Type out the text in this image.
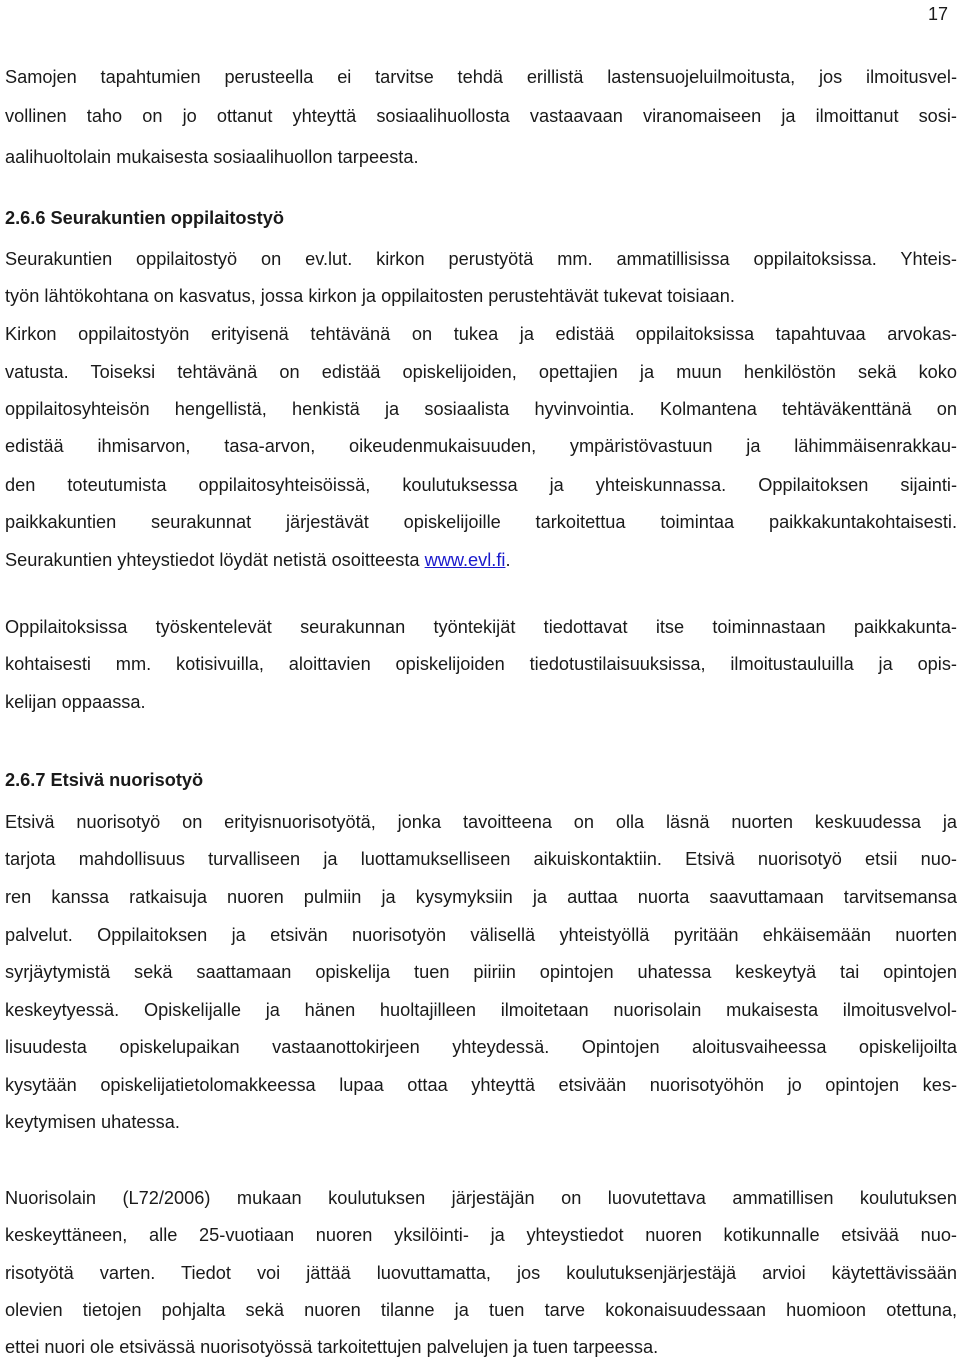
17
Samojen tapahtumien perusteella ei tarvitse tehdä erillistä lastensuojeluilmoitusta, jos ilmoitusvel-
vollinen taho on jo ottanut yhteyttä sosiaalihuollosta vastaavaan viranomaiseen ja ilmoittanut sosi-
aalihuoltolain mukaisesta sosiaalihuollon tarpeesta.
2.6.6 Seurakuntien oppilaitostyö
Seurakuntien oppilaitostyö on ev.lut. kirkon perustyötä mm. ammatillisissa oppilaitoksissa. Yhteis-
työn lähtökohtana on kasvatus, jossa kirkon ja oppilaitosten perustehtävät tukevat toisiaan.
Kirkon oppilaitostyön erityisenä tehtävänä on tukea ja edistää oppilaitoksissa tapahtuvaa arvokas-
vatusta. Toiseksi tehtävänä on edistää opiskelijoiden, opettajien ja muun henkilöstön sekä koko
oppilaitosyhteisön hengellistä, henkistä ja sosiaalista hyvinvointia. Kolmantena tehtäväkenttänä on
edistää ihmisarvon, tasa-arvon, oikeudenmukaisuuden, ympäristövastuun ja lähimmäisenrakkau-
den toteutumista oppilaitosyhteisöissä, koulutuksessa ja yhteiskunnassa. Oppilaitoksen sijainti-
paikkakuntien seurakunnat järjestävät opiskelijoille tarkoitettua toimintaa paikkakuntakohtaisesti.
Seurakuntien yhteystiedot löydät netistä osoitteesta www.evl.fi.
Oppilaitoksissa työskentelevät seurakunnan työntekijät tiedottavat itse toiminnastaan paikkakunta-
kohtaisesti mm. kotisivuilla, aloittavien opiskelijoiden tiedotustilaisuuksissa, ilmoitustauluilla ja opis-
kelijan oppaassa.
2.6.7 Etsivä nuorisotyö
Etsivä nuorisotyö on erityisnuorisotyötä, jonka tavoitteena on olla läsnä nuorten keskuudessa ja
tarjota mahdollisuus turvalliseen ja luottamukselliseen aikuiskontaktiin. Etsivä nuorisotyö etsii nuo-
ren kanssa ratkaisuja nuoren pulmiin ja kysymyksiin ja auttaa nuorta saavuttamaan tarvitsemansa
palvelut. Oppilaitoksen ja etsivän nuorisotyön välisellä yhteistyöllä pyritään ehkäisemään nuorten
syrjäytymistä sekä saattamaan opiskelija tuen piiriin opintojen uhatessa keskeytyä tai opintojen
keskeytyessä. Opiskelijalle ja hänen huoltajilleen ilmoitetaan nuorisolain mukaisesta ilmoitusvelvol-
lisuudesta opiskelupaikan vastaanottokirjeen yhteydessä. Opintojen aloitusvaiheessa opiskelijoilta
kysytään opiskelijatietolomakkeessa lupaa ottaa yhteyttä etsivään nuorisotyöhön jo opintojen kes-
keytymisen uhatessa.
Nuorisolain (L72/2006) mukaan koulutuksen järjestäjän on luovutettava ammatillisen koulutuksen
keskeyttäneen, alle 25-vuotiaan nuoren yksilöinti- ja yhteystiedot nuoren kotikunnalle etsivää nuo-
risotyötä varten. Tiedot voi jättää luovuttamatta, jos koulutuksenjärjestäjä arvioi käytettävissään
olevien tietojen pohjalta sekä nuoren tilanne ja tuen tarve kokonaisuudessaan huomioon otettuna,
ettei nuori ole etsivässä nuorisotyössä tarkoitettujen palvelujen ja tuen tarpeessa.
